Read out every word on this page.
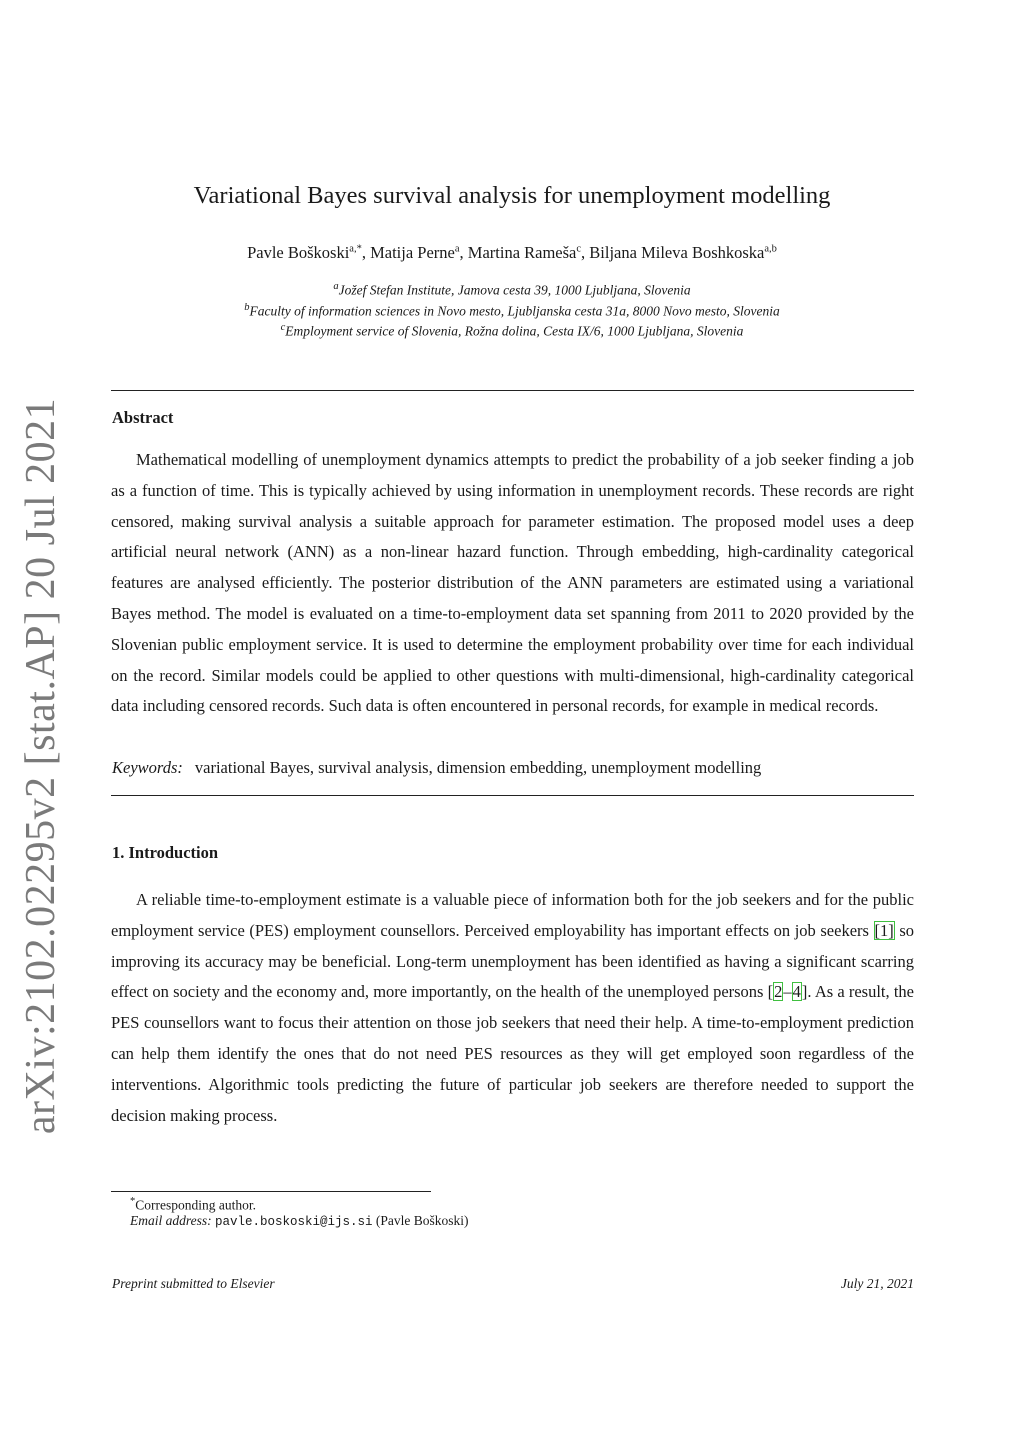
arXiv:2102.02295v2 [stat.AP] 20 Jul 2021
Variational Bayes survival analysis for unemployment modelling
Pavle Boškoski$^{a,*}$, Matija Perne$^a$, Martina Rameša$^c$, Biljana Mileva Boshkoska$^{a,b}$
$^a$Jožef Stefan Institute, Jamova cesta 39, 1000 Ljubljana, Slovenia
$^b$Faculty of information sciences in Novo mesto, Ljubljanska cesta 31a, 8000 Novo mesto, Slovenia
$^c$Employment service of Slovenia, Rožna dolina, Cesta IX/6, 1000 Ljubljana, Slovenia
Abstract

Mathematical modelling of unemployment dynamics attempts to predict the probability of a job seeker finding a job as a function of time. This is typically achieved by using information in unemployment records. These records are right censored, making survival analysis a suitable approach for parameter estimation. The proposed model uses a deep artificial neural network (ANN) as a non-linear hazard function. Through embedding, high-cardinality categorical features are analysed efficiently. The posterior distribution of the ANN parameters are estimated using a variational Bayes method. The model is evaluated on a time-to-employment data set spanning from 2011 to 2020 provided by the Slovenian public employment service. It is used to determine the employment probability over time for each individual on the record. Similar models could be applied to other questions with multi-dimensional, high-cardinality categorical data including censored records. Such data is often encountered in personal records, for example in medical records.

Keywords: variational Bayes, survival analysis, dimension embedding, unemployment modelling
1. Introduction

A reliable time-to-employment estimate is a valuable piece of information both for the job seekers and for the public employment service (PES) employment counsellors. Perceived employability has important effects on job seekers [1] so improving its accuracy may be beneficial. Long-term unemployment has been identified as having a significant scarring effect on society and the economy and, more importantly, on the health of the unemployed persons [2–4]. As a result, the PES counsellors want to focus their attention on those job seekers that need their help. A time-to-employment prediction can help them identify the ones that do not need PES resources as they will get employed soon regardless of the interventions. Algorithmic tools predicting the future of particular job seekers are therefore needed to support the decision making process.

*Corresponding author.
Email address: pavle.boskoski@ijs.si (Pavle Boškoski)
Preprint submitted to Elsevier	July 21, 2021
